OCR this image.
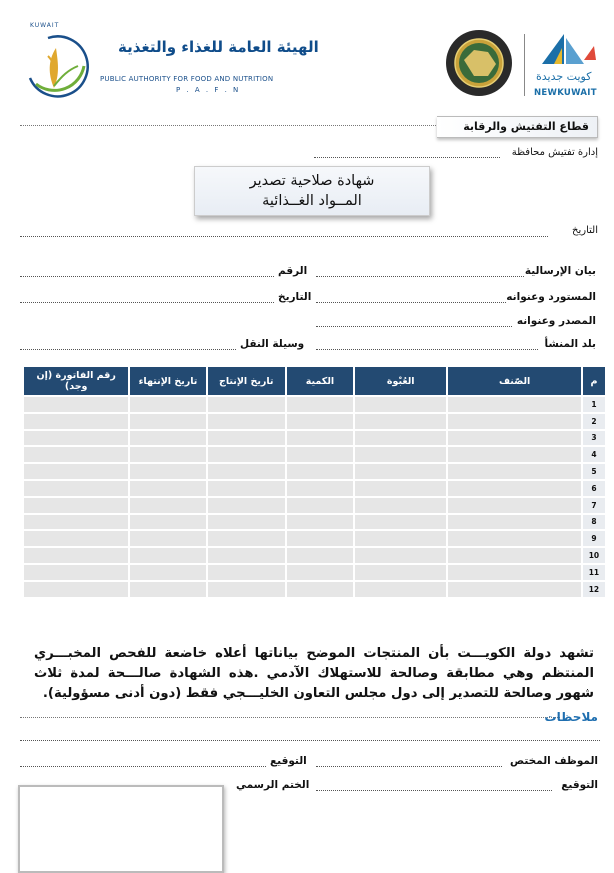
KUWAIT
الهيئة العامة للغذاء والتغذية
PUBLIC AUTHORITY FOR FOOD AND NUTRITION
P . A . F . N
كويت جديدة
NEWKUWAIT
قطاع التفتيش والرقابة
إدارة تفتيش محافظة
شهادة صلاحية تصدير
المــواد الغــذائية
التاريخ
بيان الإرسالية
الرقم
المستورد وعنوانه
التاريخ
المصدر وعنوانه
بلد المنشأ
وسيلة النقل
رقم الفاتورة (إن وجد)	تاريخ الإنتهاء	تاريخ الإنتاج	الكمية	العُبْوة	الصّنف	م
						1
						2
						3
						4
						5
						6
						7
						8
						9
						10
						11
						12
تشهد دولة الكويـــت بأن المنتجات الموضح بياناتها أعلاه خاضعة للفحص المخبـــري المنتظم وهي مطابقة وصالحة للاستهلاك الآدمي .هذه الشهادة صالـــحة لمدة ثلاث شهور وصالحة للتصدير إلى دول مجلس التعاون الخليـــجي فقط (دون أدنى مسؤولية).
ملاحظات
الموظف المختص
التوقيع
التوقيع
الختم الرسمي
